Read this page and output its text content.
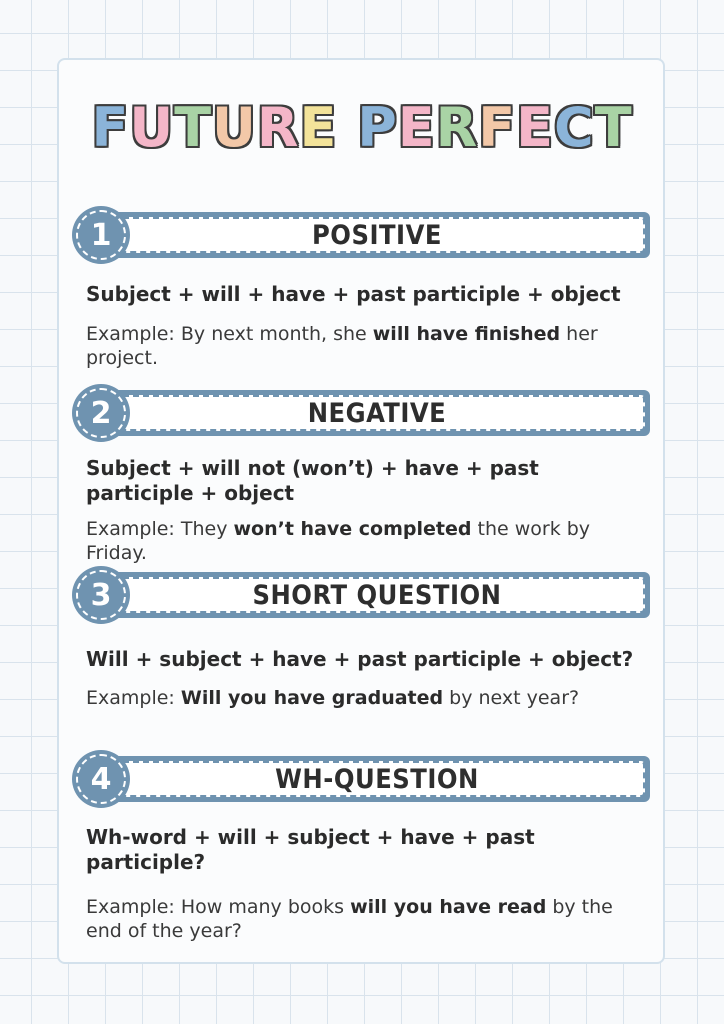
FUTURE PERFECT
POSITIVE
1
Subject + will + have + past participle + object
Example: By next month, she will have finished her project.
NEGATIVE
2
Subject + will not (won’t) + have + past participle + object
Example: They won’t have completed the work by Friday.
SHORT QUESTION
3
Will + subject + have + past participle + object?
Example: Will you have graduated by next year?
WH-QUESTION
4
Wh-word + will + subject + have + past participle?
Example: How many books will you have read by the end of the year?
